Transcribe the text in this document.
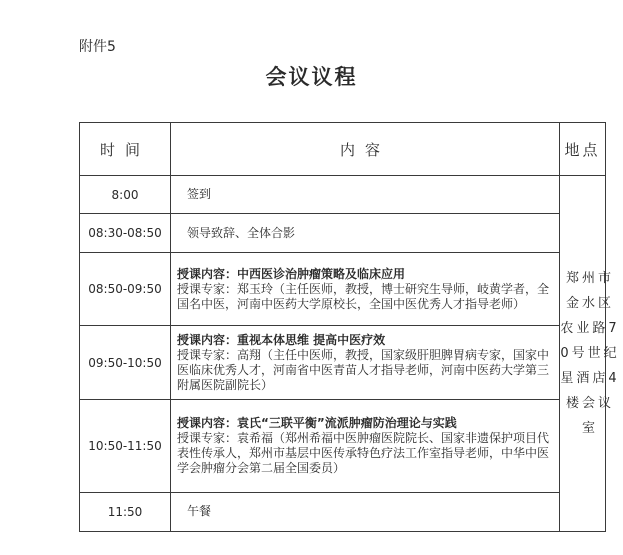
附件5
会议议程
时间	内容	地点
8:00	签到	郑州市金水区农业路70号世纪星酒店4楼会议室
08:30-08:50	领导致辞、全体合影	
08:50-09:50	授课内容：中西医诊治肿瘤策略及临床应用
授课专家：郑玉玲（主任医师，教授，博士研究生导师，岐黄学者，全国名中医，河南中医药大学原校长，全国中医优秀人才指导老师）	

09:50-10:50	授课内容：重视本体思维 提高中医疗效
授课专家：高翔（主任中医师，教授，国家级肝胆脾胃病专家，国家中医临床优秀人才，河南省中医青苗人才指导老师，河南中医药大学第三附属医院副院长）	

10:50-11:50	授课内容：袁氏“三联平衡”流派肿瘤防治理论与实践
授课专家：袁希福（郑州希福中医肿瘤医院院长、国家非遗保护项目代表性传承人，郑州市基层中医传承特色疗法工作室指导老师，中华中医学会肿瘤分会第二届全国委员）	

11:50	午餐	
